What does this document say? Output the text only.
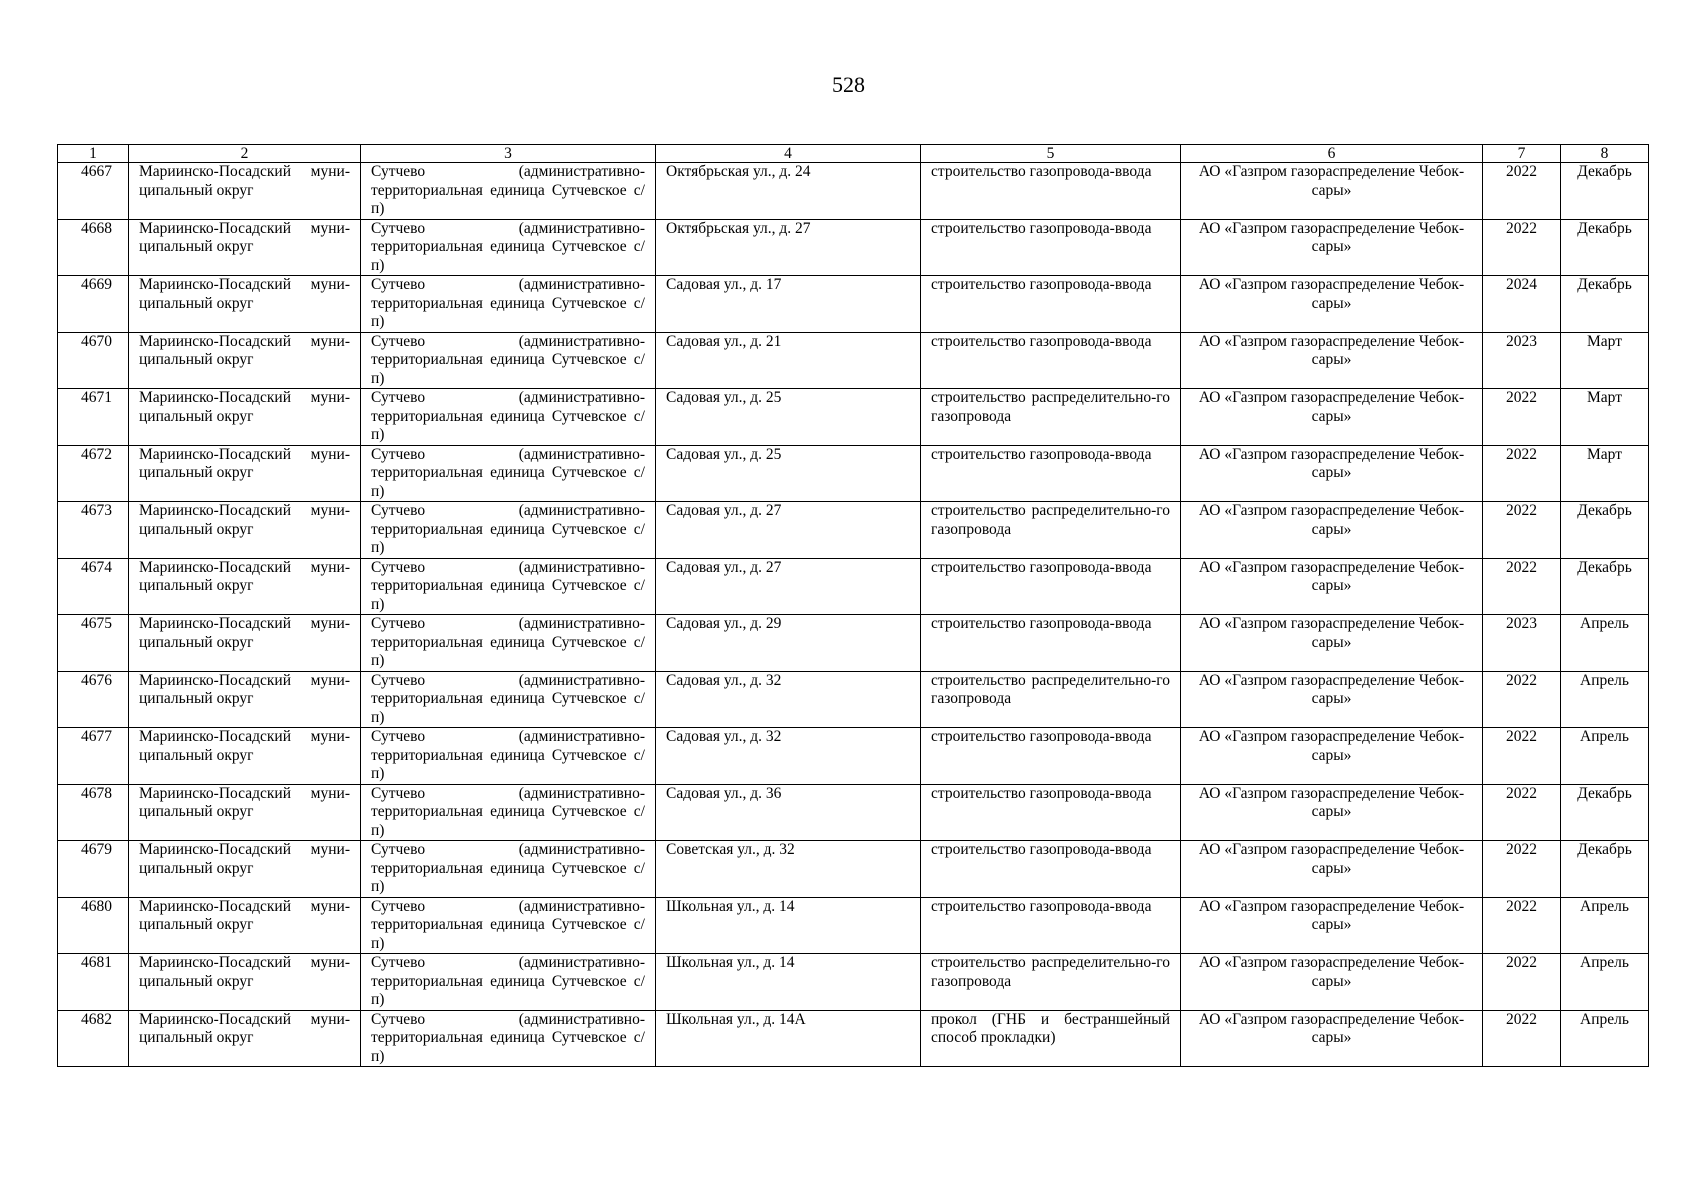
528
1	2	3	4	5	6	7	8
4667	Мариинско-Посадский муни-ципальный округ	Сутчево (административно-территориальная единица Сутчевское с/п)	Октябрьская ул., д. 24	строительство газопровода-ввода	АО «Газпром газораспределение Чебок-сары»	2022	Декабрь
4668	Мариинско-Посадский муни-ципальный округ	Сутчево (административно-территориальная единица Сутчевское с/п)	Октябрьская ул., д. 27	строительство газопровода-ввода	АО «Газпром газораспределение Чебок-сары»	2022	Декабрь
4669	Мариинско-Посадский муни-ципальный округ	Сутчево (административно-территориальная единица Сутчевское с/п)	Садовая ул., д. 17	строительство газопровода-ввода	АО «Газпром газораспределение Чебок-сары»	2024	Декабрь
4670	Мариинско-Посадский муни-ципальный округ	Сутчево (административно-территориальная единица Сутчевское с/п)	Садовая ул., д. 21	строительство газопровода-ввода	АО «Газпром газораспределение Чебок-сары»	2023	Март
4671	Мариинско-Посадский муни-ципальный округ	Сутчево (административно-территориальная единица Сутчевское с/п)	Садовая ул., д. 25	строительство распределительно-го газопровода	АО «Газпром газораспределение Чебок-сары»	2022	Март
4672	Мариинско-Посадский муни-ципальный округ	Сутчево (административно-территориальная единица Сутчевское с/п)	Садовая ул., д. 25	строительство газопровода-ввода	АО «Газпром газораспределение Чебок-сары»	2022	Март
4673	Мариинско-Посадский муни-ципальный округ	Сутчево (административно-территориальная единица Сутчевское с/п)	Садовая ул., д. 27	строительство распределительно-го газопровода	АО «Газпром газораспределение Чебок-сары»	2022	Декабрь
4674	Мариинско-Посадский муни-ципальный округ	Сутчево (административно-территориальная единица Сутчевское с/п)	Садовая ул., д. 27	строительство газопровода-ввода	АО «Газпром газораспределение Чебок-сары»	2022	Декабрь
4675	Мариинско-Посадский муни-ципальный округ	Сутчево (административно-территориальная единица Сутчевское с/п)	Садовая ул., д. 29	строительство газопровода-ввода	АО «Газпром газораспределение Чебок-сары»	2023	Апрель
4676	Мариинско-Посадский муни-ципальный округ	Сутчево (административно-территориальная единица Сутчевское с/п)	Садовая ул., д. 32	строительство распределительно-го газопровода	АО «Газпром газораспределение Чебок-сары»	2022	Апрель
4677	Мариинско-Посадский муни-ципальный округ	Сутчево (административно-территориальная единица Сутчевское с/п)	Садовая ул., д. 32	строительство газопровода-ввода	АО «Газпром газораспределение Чебок-сары»	2022	Апрель
4678	Мариинско-Посадский муни-ципальный округ	Сутчево (административно-территориальная единица Сутчевское с/п)	Садовая ул., д. 36	строительство газопровода-ввода	АО «Газпром газораспределение Чебок-сары»	2022	Декабрь
4679	Мариинско-Посадский муни-ципальный округ	Сутчево (административно-территориальная единица Сутчевское с/п)	Советская ул., д. 32	строительство газопровода-ввода	АО «Газпром газораспределение Чебок-сары»	2022	Декабрь
4680	Мариинско-Посадский муни-ципальный округ	Сутчево (административно-территориальная единица Сутчевское с/п)	Школьная ул., д. 14	строительство газопровода-ввода	АО «Газпром газораспределение Чебок-сары»	2022	Апрель
4681	Мариинско-Посадский муни-ципальный округ	Сутчево (административно-территориальная единица Сутчевское с/п)	Школьная ул., д. 14	строительство распределительно-го газопровода	АО «Газпром газораспределение Чебок-сары»	2022	Апрель
4682	Мариинско-Посадский муни-ципальный округ	Сутчево (административно-территориальная единица Сутчевское с/п)	Школьная ул., д. 14А	прокол (ГНБ и бестраншейный способ прокладки)	АО «Газпром газораспределение Чебок-сары»	2022	Апрель
